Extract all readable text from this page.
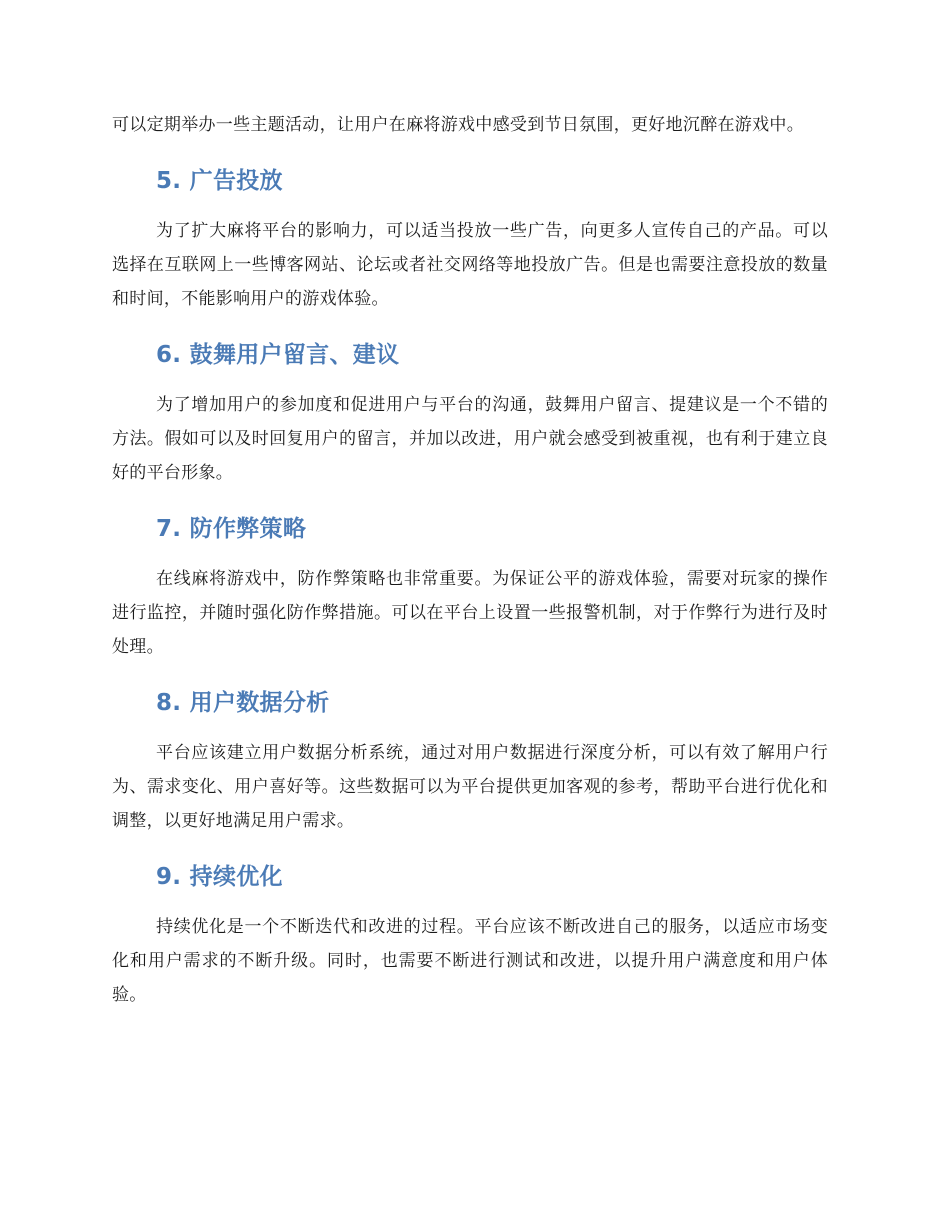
可以定期举办一些主题活动，让用户在麻将游戏中感受到节日氛围，更好地沉醉在游戏中。

5. 广告投放

为了扩大麻将平台的影响力，可以适当投放一些广告，向更多人宣传自己的产品。可以选择在互联网上一些博客网站、论坛或者社交网络等地投放广告。但是也需要注意投放的数量和时间，不能影响用户的游戏体验。

6. 鼓舞用户留言、建议

为了增加用户的参加度和促进用户与平台的沟通，鼓舞用户留言、提建议是一个不错的方法。假如可以及时回复用户的留言，并加以改进，用户就会感受到被重视，也有利于建立良好的平台形象。

7. 防作弊策略

在线麻将游戏中，防作弊策略也非常重要。为保证公平的游戏体验，需要对玩家的操作进行监控，并随时强化防作弊措施。可以在平台上设置一些报警机制，对于作弊行为进行及时处理。

8. 用户数据分析

平台应该建立用户数据分析系统，通过对用户数据进行深度分析，可以有效了解用户行为、需求变化、用户喜好等。这些数据可以为平台提供更加客观的参考，帮助平台进行优化和调整，以更好地满足用户需求。

9. 持续优化

持续优化是一个不断迭代和改进的过程。平台应该不断改进自己的服务，以适应市场变化和用户需求的不断升级。同时，也需要不断进行测试和改进，以提升用户满意度和用户体验。
